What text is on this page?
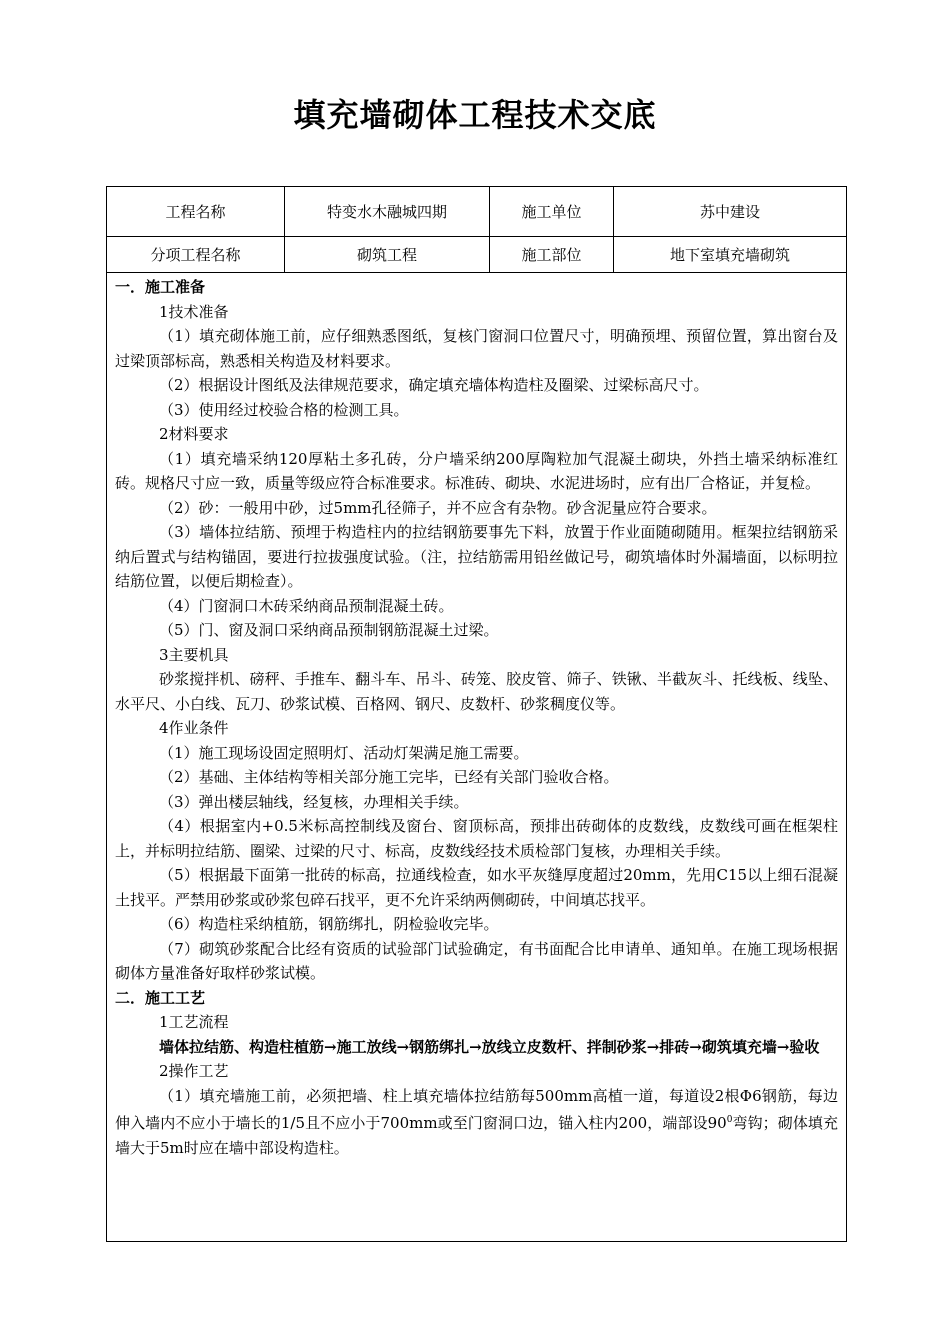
填充墙砌体工程技术交底
工程名称	特变水木融城四期	施工单位	苏中建设
分项工程名称	砌筑工程	施工部位	地下室填充墙砌筑

一．施工准备

1技术准备

（1）填充砌体施工前，应仔细熟悉图纸，复核门窗洞口位置尺寸，明确预埋、预留位置，算出窗台及过梁顶部标高，熟悉相关构造及材料要求。

（2）根据设计图纸及法律规范要求，确定填充墙体构造柱及圈梁、过梁标高尺寸。

（3）使用经过校验合格的检测工具。

2材料要求

（1）填充墙采纳120厚粘土多孔砖，分户墙采纳200厚陶粒加气混凝土砌块，外挡土墙采纳标准红砖。规格尺寸应一致，质量等级应符合标准要求。标准砖、砌块、水泥进场时，应有出厂合格证，并复检。

（2）砂：一般用中砂，过5mm孔径筛子，并不应含有杂物。砂含泥量应符合要求。

（3）墙体拉结筋、预埋于构造柱内的拉结钢筋要事先下料，放置于作业面随砌随用。框架拉结钢筋采纳后置式与结构锚固，要进行拉拔强度试验。（注，拉结筋需用铅丝做记号，砌筑墙体时外漏墙面，以标明拉结筋位置，以便后期检查）。

（4）门窗洞口木砖采纳商品预制混凝土砖。

（5）门、窗及洞口采纳商品预制钢筋混凝土过梁。

3主要机具

砂浆搅拌机、磅秤、手推车、翻斗车、吊斗、砖笼、胶皮管、筛子、铁锹、半截灰斗、托线板、线坠、水平尺、小白线、瓦刀、砂浆试模、百格网、钢尺、皮数杆、砂浆稠度仪等。

4作业条件

（1）施工现场设固定照明灯、活动灯架满足施工需要。

（2）基础、主体结构等相关部分施工完毕，已经有关部门验收合格。

（3）弹出楼层轴线，经复核，办理相关手续。

（4）根据室内+0.5米标高控制线及窗台、窗顶标高，预排出砖砌体的皮数线，皮数线可画在框架柱上，并标明拉结筋、圈梁、过梁的尺寸、标高，皮数线经技术质检部门复核，办理相关手续。

（5）根据最下面第一批砖的标高，拉通线检查，如水平灰缝厚度超过20mm，先用C15以上细石混凝土找平。严禁用砂浆或砂浆包碎石找平，更不允许采纳两侧砌砖，中间填芯找平。

（6）构造柱采纳植筋，钢筋绑扎，阴检验收完毕。

（7）砌筑砂浆配合比经有资质的试验部门试验确定，有书面配合比申请单、通知单。在施工现场根据砌体方量准备好取样砂浆试模。

二．施工工艺

1工艺流程

墙体拉结筋、构造柱植筋→施工放线→钢筋绑扎→放线立皮数杆、拌制砂浆→排砖→砌筑填充墙→验收

2操作工艺

（1）填充墙施工前，必须把墙、柱上填充墙体拉结筋每500mm高植一道，每道设2根Φ6钢筋，每边伸入墙内不应小于墙长的1/5且不应小于700mm或至门窗洞口边，锚入柱内200，端部设$90^0$弯钩；砌体填充墙大于5m时应在墙中部设构造柱。
